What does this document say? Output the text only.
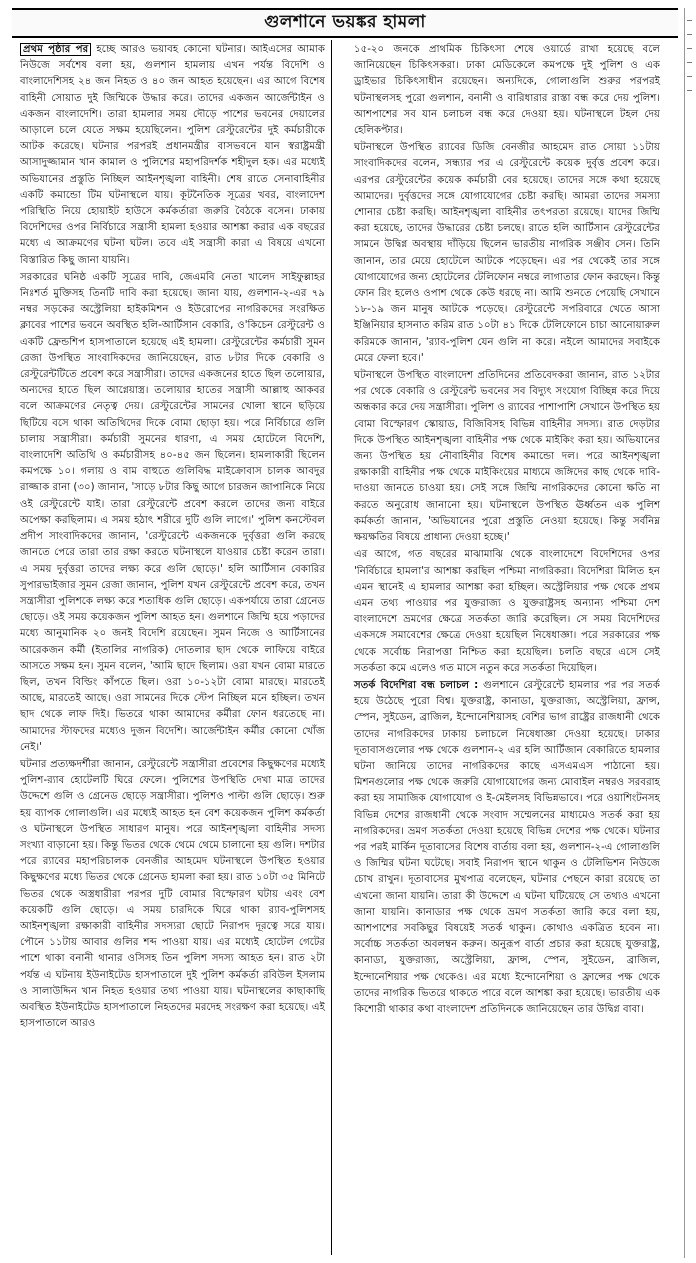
গুলশানে ভয়ঙ্কর হামলা

প্রথম পৃষ্ঠার পর হচ্ছে আরও ভয়াবহ কোনো ঘটনার। আইএসের আমাক নিউজে সর্বশেষ বলা হয়, গুলশান হামলায় এখন পর্যন্ত বিদেশি ও বাংলাদেশিসহ ২৪ জন নিহত ও ৪০ জন আহত হয়েছেন। এর আগে বিশেষ বাহিনী সোয়াত দুই জিম্মিকে উদ্ধার করে। তাদের একজন আর্জেন্টাইন ও একজন বাংলাদেশি। তারা হামলার সময় দৌড়ে পাশের ভবনের দেয়ালের আড়ালে চলে যেতে সক্ষম হয়েছিলেন। পুলিশ রেস্টুরেন্টের দুই কর্মচারীকে আটক করেছে। ঘটনার পরপরই প্রধানমন্ত্রীর বাসভবনে যান স্বরাষ্ট্রমন্ত্রী আসাদুজ্জামান খান কামাল ও পুলিশের মহাপরিদর্শক শহীদুল হক। এর মধ্যেই অভিযানের প্রস্তুতি নিচ্ছিল আইনশৃঙ্খলা বাহিনী। শেষ রাতে সেনাবাহিনীর একটি কমান্ডো টিম ঘটনাস্থলে যায়। কূটনৈতিক সূত্রের খবর, বাংলাদেশ পরিস্থিতি নিয়ে হোয়াইট হাউসে কর্মকর্তারা জরুরি বৈঠকে বসেন। ঢাকায় বিদেশিদের ওপর নির্বিচারে সন্ত্রাসী হামলা হওয়ার আশঙ্কা করার এক বছরের মধ্যে এ আক্রমণের ঘটনা ঘটল। তবে এই সন্ত্রাসী কারা এ বিষয়ে এখনো বিস্তারিত কিছু জানা যায়নি।

সরকারের ঘনিষ্ঠ একটি সূত্রের দাবি, জেএমবি নেতা খালেদ সাইফুল্লাহর নিঃশর্ত মুক্তিসহ তিনটি দাবি করা হয়েছে। জানা যায়, গুলশান-২-এর ৭৯ নম্বর সড়কের অস্ট্রেলিয়া হাইকমিশন ও ইউরোপের নাগরিকদের সংরক্ষিত ক্লাবের পাশের ভবনে অবস্থিত হলি-আর্টিসান বেকারি, ও'কিচেন রেস্টুরেন্ট ও একটি ফ্রেন্ডশিপ হাসপাতালে হয়েছে এই হামলা। রেস্টুরেন্টের কর্মচারী সুমন রেজা উপস্থিত সাংবাদিকদের জানিয়েছেন, রাত ৮টার দিকে বেকারি ও রেস্টুরেন্টটিতে প্রবেশ করে সন্ত্রাসীরা। তাদের একজনের হাতে ছিল তলোয়ার, অন্যদের হাতে ছিল আগ্নেয়াস্ত্র। তলোয়ার হাতের সন্ত্রাসী আল্লাহু আকবর বলে আক্রমণের নেতৃত্ব দেয়। রেস্টুরেন্টের সামনের খোলা স্থানে ছড়িয়ে ছিটিয়ে বসে থাকা অতিথিদের দিকে বোমা ছোড়া হয়। পরে নির্বিচারে গুলি চালায় সন্ত্রাসীরা। কর্মচারী সুমনের ধারণা, এ সময় হোটেলে বিদেশি, বাংলাদেশি অতিথি ও কর্মচারীসহ ৪০-৪৫ জন ছিলেন। হামলাকারী ছিলেন কমপক্ষে ১০। গলায় ও বাম বাহুতে গুলিবিদ্ধ মাইক্রোবাস চালক আবদুর রাজ্জাক রানা (৩০) জানান, 'সাড়ে ৮টার কিছু আগে চারজন জাপানিকে নিয়ে ওই রেস্টুরেন্টে যাই। তারা রেস্টুরেন্টে প্রবেশ করলে তাদের জন্য বাইরে অপেক্ষা করছিলাম। এ সময় হঠাৎ শরীরে দুটি গুলি লাগে।' পুলিশ কনস্টেবল প্রদীপ সাংবাদিকদের জানান, 'রেস্টুরেন্টে একজনকে দুর্বৃত্তরা গুলি করছে জানতে পেরে তারা তার রক্ষা করতে ঘটনাস্থলে যাওয়ার চেষ্টা করেন তারা। এ সময় দুর্বৃত্তরা তাদের লক্ষ্য করে গুলি ছোড়ে।' হলি আর্টিসান বেকারির সুপারভাইজার সুমন রেজা জানান, পুলিশ যখন রেস্টুরেন্টে প্রবেশ করে, তখন সন্ত্রাসীরা পুলিশকে লক্ষ্য করে শতাধিক গুলি ছোড়ে। একপর্যায়ে তারা গ্রেনেড ছোড়ে। ওই সময় কয়েকজন পুলিশ আহত হন। গুলশানে জিম্মি হয়ে পড়াদের মধ্যে আনুমানিক ২০ জনই বিদেশি রয়েছেন। সুমন নিজে ও আর্টিসানের আরেকজন কর্মী (ইতালির নাগরিক) দোতলার ছাদ থেকে লাফিয়ে বাইরে আসতে সক্ষম হন। সুমন বলেন, 'আমি ছাদে ছিলাম। ওরা যখন বোমা মারতে ছিল, তখন বিল্ডিং কাঁপতে ছিল। ওরা ১০-১২টা বোমা মারছে। মারতেই আছে, মারতেই আছে। ওরা সামনের দিকে স্টেপ নিচ্ছিল মনে হচ্ছিল। তখন ছাদ থেকে লাফ দিই। ভিতরে থাকা আমাদের কর্মীরা ফোন ধরতেছে না। আমাদের স্টাফদের মধ্যেও দুজন বিদেশি। আর্জেন্টাইন কর্মীর কোনো খোঁজ নেই।'

ঘটনার প্রত্যক্ষদর্শীরা জানান, রেস্টুরেন্টে সন্ত্রাসীরা প্রবেশের কিছুক্ষণের মধ্যেই পুলিশ-র‍্যাব হোটেলটি ঘিরে ফেলে। পুলিশের উপস্থিতি দেখা মাত্র তাদের উদ্দেশে গুলি ও গ্রেনেড ছোড়ে সন্ত্রাসীরা। পুলিশও পাল্টা গুলি ছোড়ে। শুরু হয় ব্যাপক গোলাগুলি। এর মধ্যেই আহত হন বেশ কয়েকজন পুলিশ কর্মকর্তা ও ঘটনাস্থলে উপস্থিত সাধারণ মানুষ। পরে আইনশৃঙ্খলা বাহিনীর সদস্য সংখ্যা বাড়ানো হয়। কিন্তু ভিতর থেকে থেমে থেমে চালানো হয় গুলি। দশটার পরে র‍্যাবের মহাপরিচালক বেনজীর আহমেদ ঘটনাস্থলে উপস্থিত হওয়ার কিছুক্ষণের মধ্যে ভিতর থেকে গ্রেনেড হামলা করা হয়। রাত ১০টা ৩৫ মিনিটে ভিতর থেকে অস্ত্রধারীরা পরপর দুটি বোমার বিস্ফোরণ ঘটায় এবং বেশ কয়েকটি গুলি ছোড়ে। এ সময় চারদিকে ঘিরে থাকা র‍্যাব-পুলিশসহ আইনশৃঙ্খলা রক্ষাকারী বাহিনীর সদস্যরা ছোটে নিরাপদ দূরত্বে সরে যায়। পৌনে ১১টায় আবার গুলির শব্দ পাওয়া যায়। এর মধ্যেই হোটেল গেটের পাশে থাকা বনানী থানার ওসিসহ তিন পুলিশ সদস্য আহত হন। রাত ২টা পর্যন্ত এ ঘটনায় ইউনাইটেড হাসপাতালে দুই পুলিশ কর্মকর্তা রবিউল ইসলাম ও সালাউদ্দিন খান নিহত হওয়ার তথ্য পাওয়া যায়। ঘটনাস্থলের কাছাকাছি অবস্থিত ইউনাইটেড হাসপাতালে নিহতদের মরদেহ সংরক্ষণ করা হয়েছে। এই হাসপাতালে আরও

১৫-২০ জনকে প্রাথমিক চিকিৎসা শেষে ওয়ার্ডে রাখা হয়েছে বলে জানিয়েছেন চিকিৎসকরা। ঢাকা মেডিকেলে কমপক্ষে দুই পুলিশ ও এক ড্রাইভার চিকিৎসাধীন রয়েছেন। অন্যদিকে, গোলাগুলি শুরুর পরপরই ঘটনাস্থলসহ পুরো গুলশান, বনানী ও বারিধারার রাস্তা বন্ধ করে দেয় পুলিশ। আশপাশের সব যান চলাচল বন্ধ করে দেওয়া হয়। ঘটনাস্থলে টহল দেয় হেলিকপ্টার।

ঘটনাস্থলে উপস্থিত র‍্যাবের ডিজি বেনজীর আহমেদ রাত সোয়া ১১টায় সাংবাদিকদের বলেন, সন্ধ্যার পর এ রেস্টুরেন্টে কয়েক দুর্বৃত্ত প্রবেশ করে। এরপর রেস্টুরেন্টের কয়েক কর্মচারী বের হয়েছে। তাদের সঙ্গে কথা হয়েছে আমাদের। দুর্বৃত্তদের সঙ্গে যোগাযোগের চেষ্টা করছি। আমরা তাদের সমস্যা শোনার চেষ্টা করছি। আইনশৃঙ্খলা বাহিনীর তৎপরতা রয়েছে। যাদের জিম্মি করা হয়েছে, তাদের উদ্ধারের চেষ্টা চলছে। রাতে হলি আর্টিসান রেস্টুরেন্টের সামনে উদ্বিগ্ন অবস্থায় দাঁড়িয়ে ছিলেন ভারতীয় নাগরিক সঞ্জীব সেন। তিনি জানান, তার মেয়ে হোটেলে আটকে পড়েছেন। এর পর থেকেই তার সঙ্গে যোগাযোগের জন্য হোটেলের টেলিফোন নম্বরে লাগাতার ফোন করছেন। কিন্তু ফোন রিং হলেও ওপাশ থেকে কেউ ধরছে না। আমি শুনতে পেয়েছি সেখানে ১৮-১৯ জন মানুষ আটকে পড়েছে। রেস্টুরেন্টে সপরিবারে খেতে আসা ইঞ্জিনিয়ার হাসনাত করিম রাত ১০টা ৪১ দিকে টেলিফোনে চাচা আনোয়ারুল করিমকে জানান, 'র‍্যাব-পুলিশ যেন গুলি না করে। নইলে আমাদের সবাইকে মেরে ফেলা হবে।'

ঘটনাস্থলে উপস্থিত বাংলাদেশ প্রতিদিনের প্রতিবেদকরা জানান, রাত ১২টার পর থেকে বেকারি ও রেস্টুরেন্ট ভবনের সব বিদ্যুৎ সংযোগ বিচ্ছিন্ন করে দিয়ে অন্ধকার করে দেয় সন্ত্রাসীরা। পুলিশ ও র‍্যাবের পাশাপাশি সেখানে উপস্থিত হয় বোমা বিস্ফোরণ স্কোয়াড, বিজিবিসহ বিভিন্ন বাহিনীর সদস্য। রাত দেড়টার দিকে উপস্থিত আইনশৃঙ্খলা বাহিনীর পক্ষ থেকে মাইকিং করা হয়। অভিযানের জন্য উপস্থিত হয় নৌবাহিনীর বিশেষ কমান্ডো দল। পরে আইনশৃঙ্খলা রক্ষাকারী বাহিনীর পক্ষ থেকে মাইকিংয়ের মাধ্যমে জঙ্গিদের কাছ থেকে দাবি-দাওয়া জানতে চাওয়া হয়। সেই সঙ্গে জিম্মি নাগরিকদের কোনো ক্ষতি না করতে অনুরোধ জানানো হয়। ঘটনাস্থলে উপস্থিত ঊর্ধ্বতন এক পুলিশ কর্মকর্তা জানান, 'অভিযানের পুরো প্রস্তুতি নেওয়া হয়েছে। কিন্তু সর্বনিম্ন ক্ষয়ক্ষতির বিষয়ে প্রাধান্য দেওয়া হচ্ছে।'

এর আগে, গত বছরের মাঝামাঝি থেকে বাংলাদেশে বিদেশিদের ওপর 'নির্বিচারে হামলা'র আশঙ্কা করছিল পশ্চিমা নাগরিকরা। বিদেশিরা মিলিত হন এমন স্থানেই এ হামলার আশঙ্কা করা হচ্ছিল। অস্ট্রেলিয়ার পক্ষ থেকে প্রথম এমন তথ্য পাওয়ার পর যুক্তরাজ্য ও যুক্তরাষ্ট্রসহ অন্যান্য পশ্চিমা দেশ বাংলাদেশে ভ্রমণের ক্ষেত্রে সতর্কতা জারি করেছিল। সে সময় বিদেশিদের একসঙ্গে সমাবেশের ক্ষেত্রে দেওয়া হয়েছিল নিষেধাজ্ঞা। পরে সরকারের পক্ষ থেকে সর্বোচ্চ নিরাপত্তা নিশ্চিত করা হয়েছিল। চলতি বছরে এসে সেই সতর্কতা কমে এলেও গত মাসে নতুন করে সতর্কতা দিয়েছিল।

সতর্ক বিদেশিরা বন্ধ চলাচল : গুলশানে রেস্টুরেন্টে হামলার পর পর সতর্ক হয়ে উঠেছে পুরো বিশ্ব। যুক্তরাষ্ট্র, কানাডা, যুক্তরাজ্য, অস্ট্রেলিয়া, ফ্রান্স, স্পেন, সুইডেন, ব্রাজিল, ইন্দোনেশিয়াসহ বেশির ভাগ রাষ্ট্রের রাজধানী থেকে তাদের নাগরিকদের ঢাকায় চলাচলে নিষেধাজ্ঞা দেওয়া হয়েছে। ঢাকার দূতাবাসগুলোর পক্ষ থেকে গুলশান-২ এর হলি আর্টিজান বেকারিতে হামলার ঘটনা জানিয়ে তাদের নাগরিকদের কাছে এসএমএস পাঠানো হয়। মিশনগুলোর পক্ষ থেকে জরুরি যোগাযোগের জন্য মোবাইল নম্বরও সরবরাহ করা হয় সামাজিক যোগাযোগ ও ই-মেইলসহ বিভিন্নভাবে। পরে ওয়াশিংটনসহ বিভিন্ন দেশের রাজধানী থেকে সংবাদ সম্মেলনের মাধ্যমেও সতর্ক করা হয় নাগরিকদের। ভ্রমণ সতর্কতা দেওয়া হয়েছে বিভিন্ন দেশের পক্ষ থেকে। ঘটনার পর পরই মার্কিন দূতাবাসের বিশেষ বার্তায় বলা হয়, গুলশান-২-এ গোলাগুলি ও জিম্মির ঘটনা ঘটেছে। সবাই নিরাপদ স্থানে থাকুন ও টেলিভিশন নিউজে চোখ রাখুন। দূতাবাসের মুখপাত্র বলেছেন, ঘটনার পেছনে কারা রয়েছে তা এখনো জানা যায়নি। তারা কী উদ্দেশে এ ঘটনা ঘটিয়েছে সে তথ্যও এখনো জানা যায়নি। কানাডার পক্ষ থেকে ভ্রমণ সতর্কতা জারি করে বলা হয়, আশপাশের সবকিছুর বিষয়েই সতর্ক থাকুন। কোথাও একত্রিত হবেন না। সর্বোচ্চ সতর্কতা অবলম্বন করুন। অনুরূপ বার্তা প্রচার করা হয়েছে যুক্তরাষ্ট্র, কানাডা, যুক্তরাজ্য, অস্ট্রেলিয়া, ফ্রান্স, স্পেন, সুইডেন, ব্রাজিল, ইন্দোনেশিয়ার পক্ষ থেকেও। এর মধ্যে ইন্দোনেশিয়া ও ফ্রান্সের পক্ষ থেকে তাদের নাগরিক ভিতরে থাকতে পারে বলে আশঙ্কা করা হয়েছে। ভারতীয় এক কিশোরী থাকার কথা বাংলাদেশ প্রতিদিনকে জানিয়েছেন তার উদ্বিগ্ন বাবা।
